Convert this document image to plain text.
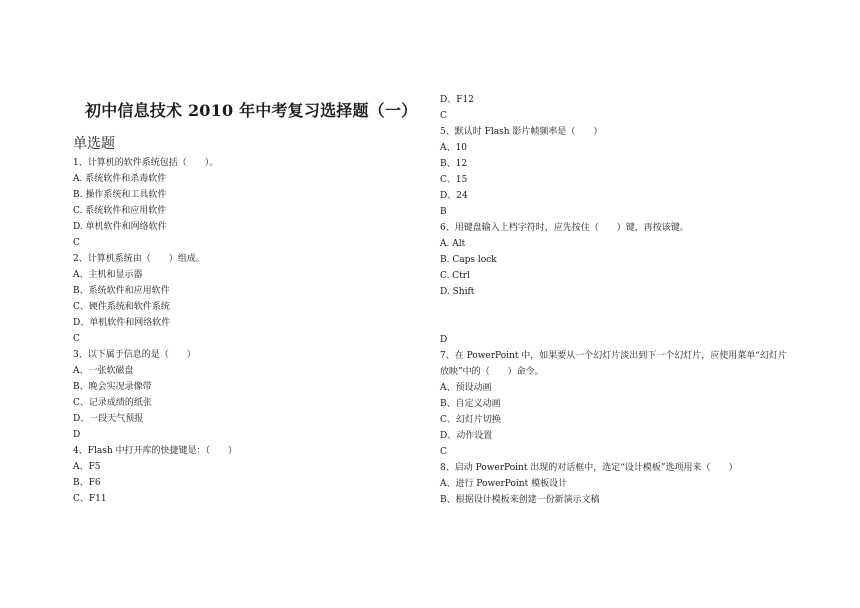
初中信息技术 2010 年中考复习选择题（一）
单选题
1、计算机的软件系统包括（　　）。
A. 系统软件和杀毒软件
B. 操作系统和工具软件
C. 系统软件和应用软件
D. 单机软件和网络软件
C
2、计算机系统由（　　）组成。
A、主机和显示器
B、系统软件和应用软件
C、硬件系统和软件系统
D、单机软件和网络软件
C
3、以下属于信息的是（　　）
A、一张软磁盘
B、晚会实况录像带
C、记录成绩的纸张
D、一段天气预报
D
4、Flash 中打开库的快捷键是：（　　）
A、F5
B、F6
C、F11
D、F12
C
5、默认时 Flash 影片帧频率是（　　）
A、10
B、12
C、15
D、24
B
6、用键盘输入上档字符时，应先按住（　　）键，再按该键。
A. Alt
B. Caps lock
C. Ctrl
D. Shift
D
7、在 PowerPoint 中，如果要从一个幻灯片淡出到下一个幻灯片，应使用菜单“幻灯片
放映”中的（　　）命令。
A、预设动画
B、自定义动画
C、幻灯片切换
D、动作设置
C
8、启动 PowerPoint 出现的对话框中，选定“设计模板”选项用来（　　）
A、进行 PowerPoint 模板设计
B、根据设计模板来创建一份新演示文稿
